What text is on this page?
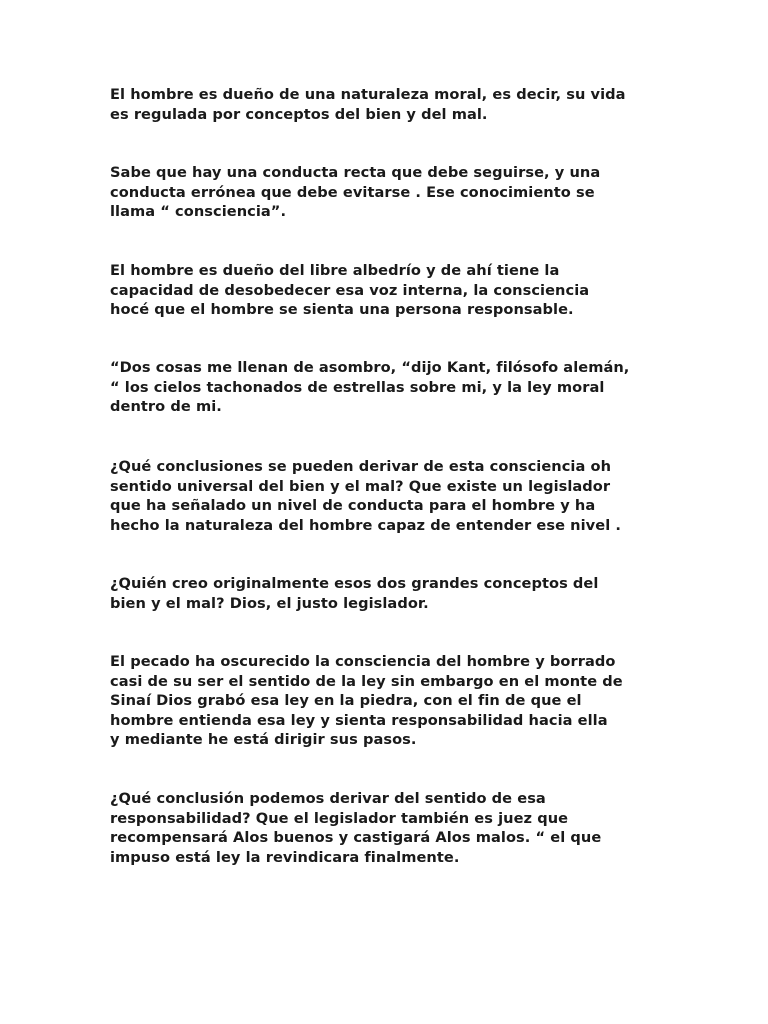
El hombre es dueño de una naturaleza moral, es decir, su vida
es regulada por conceptos del bien y del mal.

Sabe que hay una conducta recta que debe seguirse, y una
conducta errónea que debe evitarse . Ese conocimiento se
llama “ consciencia”.

El hombre es dueño del libre albedrío y de ahí tiene la
capacidad de desobedecer esa voz interna, la consciencia
hocé que el hombre se sienta una persona responsable.

“Dos cosas me llenan de asombro, “dijo Kant, filósofo alemán,
“ los cielos tachonados de estrellas sobre mi, y la ley moral
dentro de mi.

¿Qué conclusiones se pueden derivar de esta consciencia oh
sentido universal del bien y el mal? Que existe un legislador
que ha señalado un nivel de conducta para el hombre y ha
hecho la naturaleza del hombre capaz de entender ese nivel .

¿Quién creo originalmente esos dos grandes conceptos del
bien y el mal? Dios, el justo legislador.

El pecado ha oscurecido la consciencia del hombre y borrado
casi de su ser el sentido de la ley sin embargo en el monte de
Sinaí Dios grabó esa ley en la piedra, con el fin de que el
hombre entienda esa ley y sienta responsabilidad hacia ella
y mediante he está dirigir sus pasos.

¿Qué conclusión podemos derivar del sentido de esa
responsabilidad? Que el legislador también es juez que
recompensará Alos buenos y castigará Alos malos. “ el que
impuso está ley la revindicara finalmente.
